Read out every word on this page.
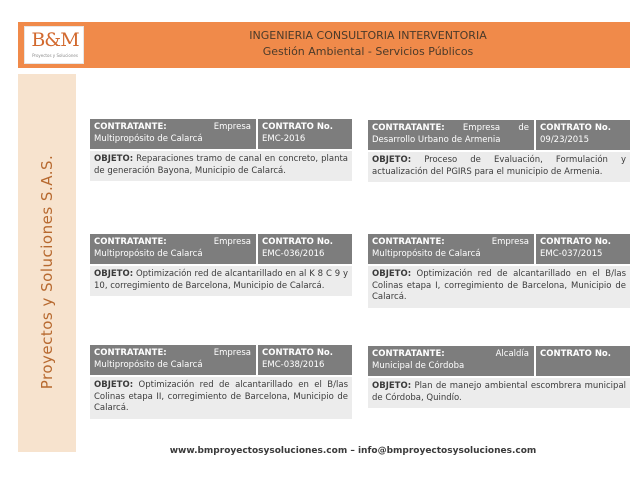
B&M
Proyectos y Soluciones
INGENIERIA CONSULTORIA INTERVENTORIA
Gestión Ambiental - Servicios Públicos
Proyectos y Soluciones S.A.S.
CONTRATANTE:	Empresa
Multipropósito de Calarcá
CONTRATO No.
EMC-2016
OBJETO: Reparaciones tramo de canal en concreto, planta de generación Bayona, Municipio de Calarcá.
CONTRATANTE: Empresa de
Desarrollo Urbano de Armenia
CONTRATO No.
09/23/2015
OBJETO: Proceso de Evaluación, Formulación y actualización del PGIRS para el municipio de Armenia.
CONTRATANTE:	Empresa
Multipropósito de Calarcá
CONTRATO No.
EMC-036/2016
OBJETO: Optimización red de alcantarillado en al K 8 C 9 y 10, corregimiento de Barcelona, Municipio de Calarcá.
CONTRATANTE:	Empresa
Multipropósito de Calarcá
CONTRATO No.
EMC-037/2015
OBJETO: Optimización red de alcantarillado en el B/las Colinas etapa I, corregimiento de Barcelona, Municipio de Calarcá.
CONTRATANTE:	Empresa
Multipropósito de Calarcá
CONTRATO No.
EMC-038/2016
OBJETO: Optimización red de alcantarillado en el B/las Colinas etapa II, corregimiento de Barcelona, Municipio de Calarcá.
CONTRATANTE:	Alcaldía
Municipal de Córdoba
CONTRATO No.
OBJETO: Plan de manejo ambiental escombrera municipal de Córdoba, Quindío.
www.bmproyectosysoluciones.com – info@bmproyectosysoluciones.com
